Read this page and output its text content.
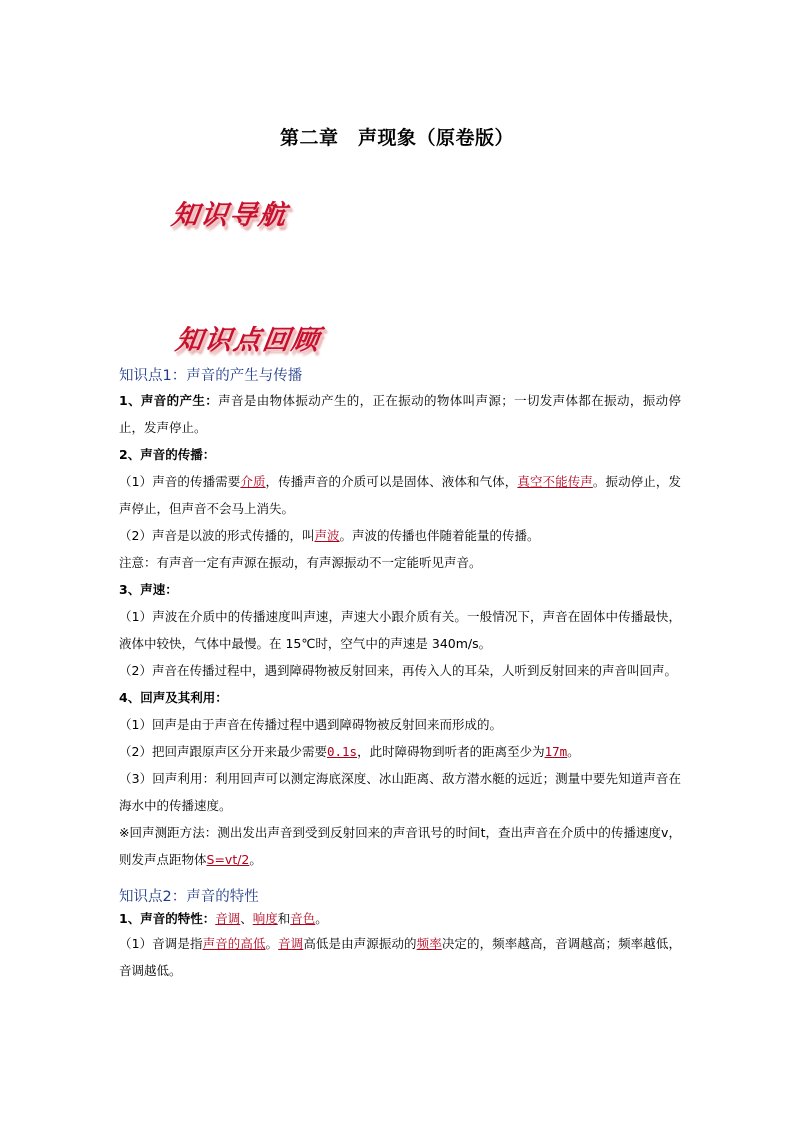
第二章　声现象（原卷版）
知识导航
知识点回顾

知识点1：声音的产生与传播

1、声音的产生：声音是由物体振动产生的，正在振动的物体叫声源；一切发声体都在振动，振动停止，发声停止。

2、声音的传播：

（1）声音的传播需要介质，传播声音的介质可以是固体、液体和气体，真空不能传声。振动停止，发声停止，但声音不会马上消失。

（2）声音是以波的形式传播的，叫声波。声波的传播也伴随着能量的传播。

注意：有声音一定有声源在振动，有声源振动不一定能听见声音。

3、声速：

（1）声波在介质中的传播速度叫声速，声速大小跟介质有关。一般情况下，声音在固体中传播最快，液体中较快，气体中最慢。在 15℃时，空气中的声速是 340m/s。

（2）声音在传播过程中，遇到障碍物被反射回来，再传入人的耳朵，人听到反射回来的声音叫回声。

4、回声及其利用：

（1）回声是由于声音在传播过程中遇到障碍物被反射回来而形成的。

（2）把回声跟原声区分开来最少需要0.1s，此时障碍物到听者的距离至少为17m。

（3）回声利用：利用回声可以测定海底深度、冰山距离、敌方潜水艇的远近；测量中要先知道声音在海水中的传播速度。

※回声测距方法：测出发出声音到受到反射回来的声音讯号的时间t，查出声音在介质中的传播速度v，则发声点距物体S=vt/2。

知识点2：声音的特性

1、声音的特性：音调、响度和音色。

（1）音调是指声音的高低。音调高低是由声源振动的频率决定的，频率越高，音调越高；频率越低，音调越低。
